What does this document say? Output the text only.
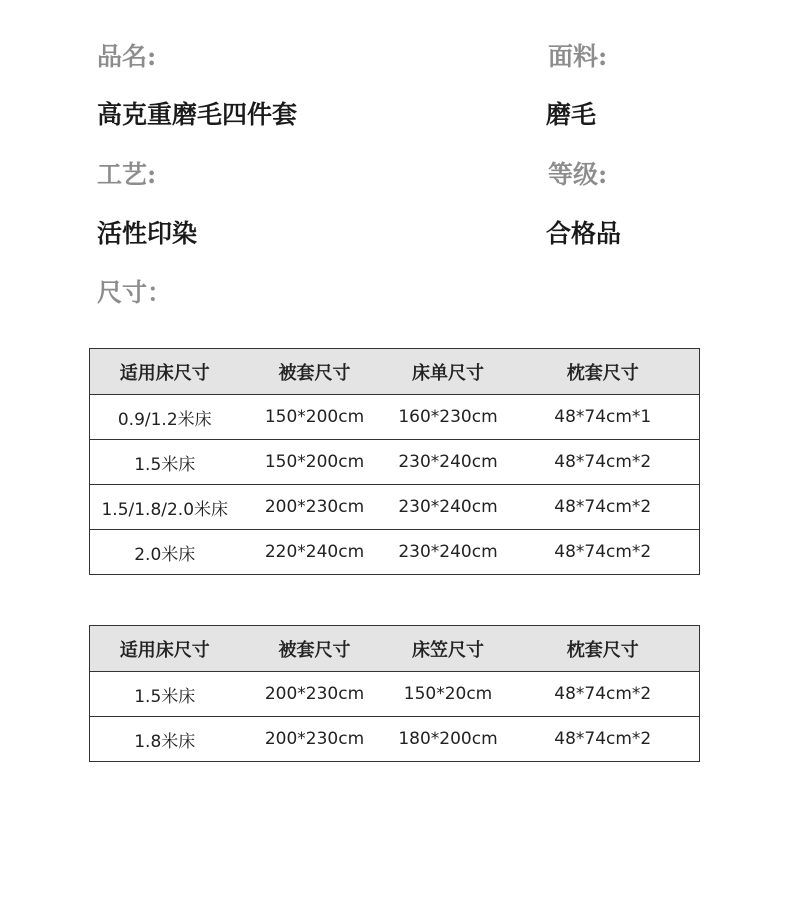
品名:	面料:
高克重磨毛四件套	磨毛
工艺:	等级:
活性印染	合格品
尺寸：
适用床尺寸	被套尺寸	床单尺寸	枕套尺寸
0.9/1.2米床	150*200cm	160*230cm	48*74cm*1
1.5米床	150*200cm	230*240cm	48*74cm*2
1.5/1.8/2.0米床	200*230cm	230*240cm	48*74cm*2
2.0米床	220*240cm	230*240cm	48*74cm*2
适用床尺寸	被套尺寸	床笠尺寸	枕套尺寸
1.5米床	200*230cm	150*20cm	48*74cm*2
1.8米床	200*230cm	180*200cm	48*74cm*2
